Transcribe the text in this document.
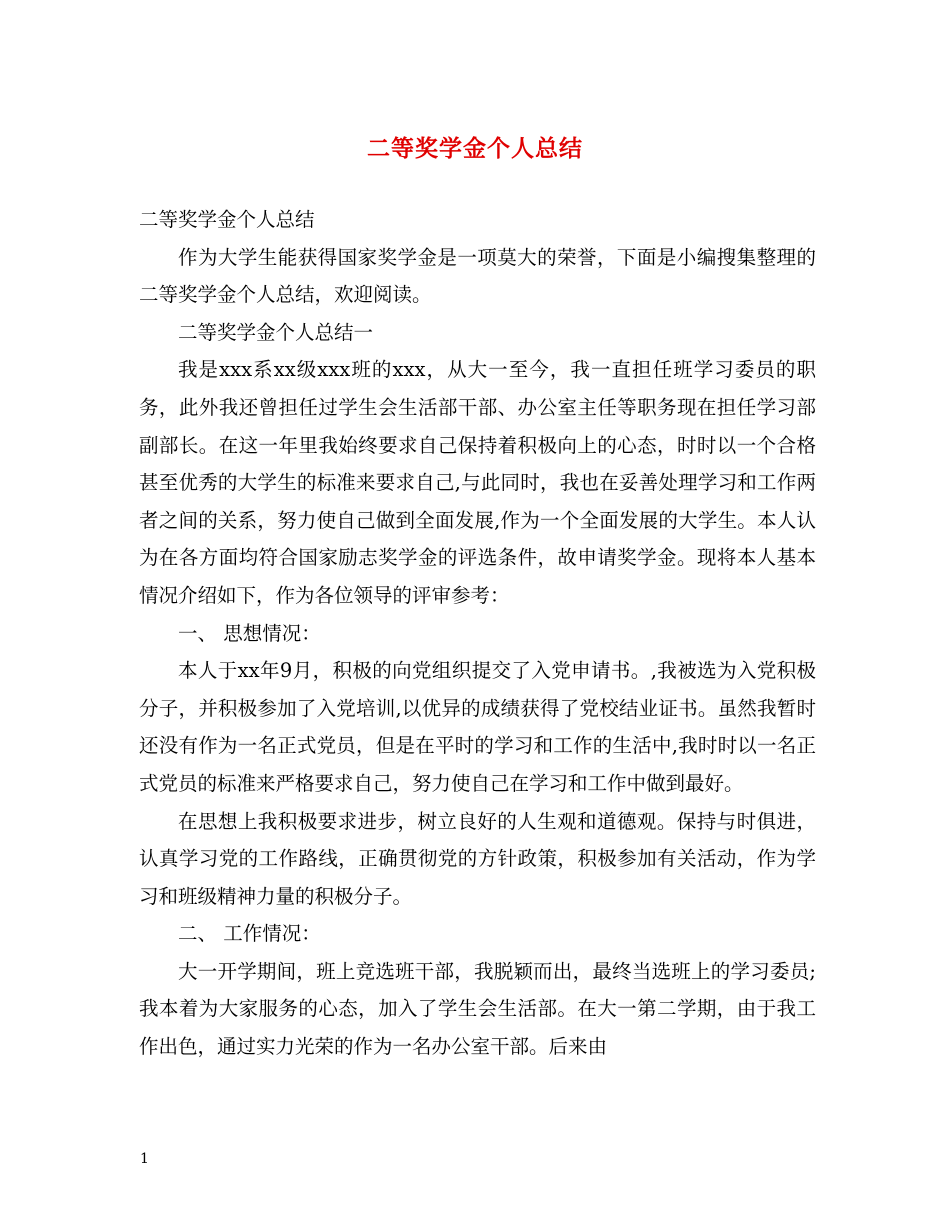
二等奖学金个人总结

二等奖学金个人总结

作为大学生能获得国家奖学金是一项莫大的荣誉，下面是小编搜集整理的二等奖学金个人总结，欢迎阅读。

二等奖学金个人总结一

我是xxx系xx级xxx班的xxx，从大一至今，我一直担任班学习委员的职务，此外我还曾担任过学生会生活部干部、办公室主任等职务现在担任学习部副部长。在这一年里我始终要求自己保持着积极向上的心态，时时以一个合格甚至优秀的大学生的标准来要求自己,与此同时，我也在妥善处理学习和工作两者之间的关系，努力使自己做到全面发展,作为一个全面发展的大学生。本人认为在各方面均符合国家励志奖学金的评选条件，故申请奖学金。现将本人基本情况介绍如下，作为各位领导的评审参考：

一、 思想情况：

本人于xx年9月，积极的向党组织提交了入党申请书。,我被选为入党积极分子，并积极参加了入党培训,以优异的成绩获得了党校结业证书。虽然我暂时还没有作为一名正式党员，但是在平时的学习和工作的生活中,我时时以一名正式党员的标准来严格要求自己，努力使自己在学习和工作中做到最好。

在思想上我积极要求进步，树立良好的人生观和道德观。保持与时俱进，认真学习党的工作路线，正确贯彻党的方针政策，积极参加有关活动，作为学习和班级精神力量的积极分子。

二、 工作情况：

大一开学期间，班上竞选班干部，我脱颖而出，最终当选班上的学习委员;我本着为大家服务的心态，加入了学生会生活部。在大一第二学期，由于我工作出色，通过实力光荣的作为一名办公室干部。后来由

1
